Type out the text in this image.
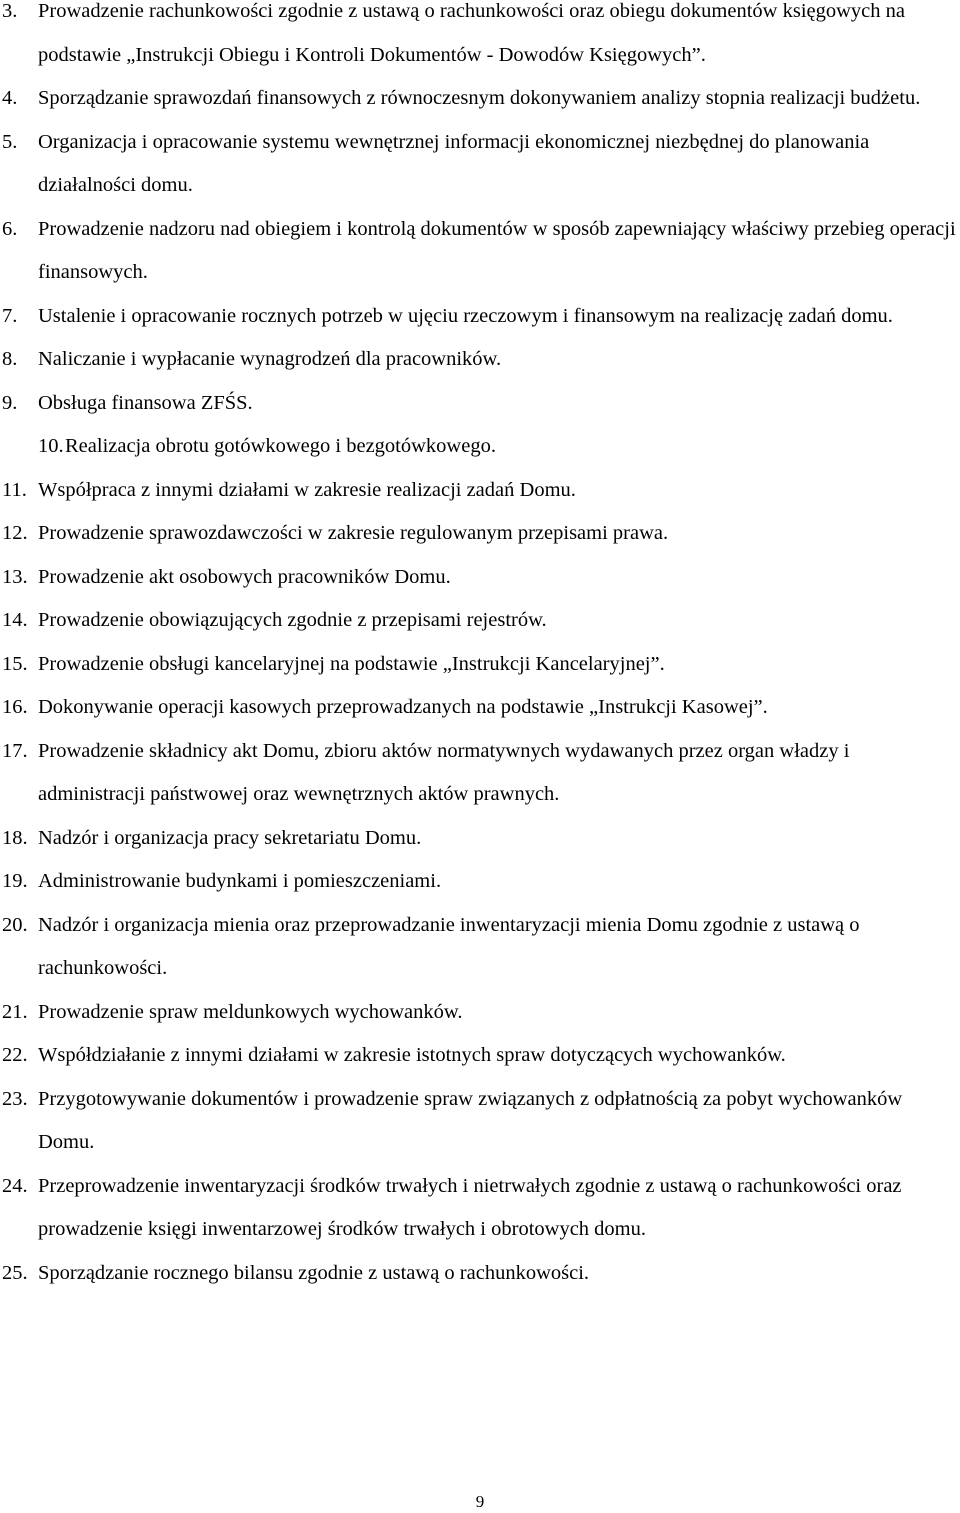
3. Prowadzenie rachunkowości zgodnie z ustawą o rachunkowości oraz obiegu dokumentów księgowych na podstawie „Instrukcji Obiegu i Kontroli Dokumentów - Dowodów Księgowych”.
4. Sporządzanie sprawozdań finansowych z równoczesnym dokonywaniem analizy stopnia realizacji budżetu.
5. Organizacja i opracowanie systemu wewnętrznej informacji ekonomicznej niezbędnej do planowania działalności domu.
6. Prowadzenie nadzoru nad obiegiem i kontrolą dokumentów w sposób zapewniający właściwy przebieg operacji finansowych.
7. Ustalenie i opracowanie rocznych potrzeb w ujęciu rzeczowym i finansowym na realizację zadań domu.
8. Naliczanie i wypłacanie wynagrodzeń dla pracowników.
9. Obsługa finansowa ZFŚS.
10. Realizacja obrotu gotówkowego i bezgotówkowego.
11. Współpraca z innymi działami w zakresie realizacji zadań Domu.
12. Prowadzenie sprawozdawczości w zakresie regulowanym przepisami prawa.
13. Prowadzenie akt osobowych pracowników Domu.
14. Prowadzenie obowiązujących zgodnie z przepisami rejestrów.
15. Prowadzenie obsługi kancelaryjnej na podstawie „Instrukcji Kancelaryjnej”.
16. Dokonywanie operacji kasowych przeprowadzanych na podstawie „Instrukcji Kasowej”.
17. Prowadzenie składnicy akt Domu, zbioru aktów normatywnych wydawanych przez organ władzy i administracji państwowej oraz wewnętrznych aktów prawnych.
18. Nadzór i organizacja pracy sekretariatu Domu.
19. Administrowanie budynkami i pomieszczeniami.
20. Nadzór i organizacja mienia oraz przeprowadzanie inwentaryzacji mienia Domu zgodnie z ustawą o rachunkowości.
21. Prowadzenie spraw meldunkowych wychowanków.
22. Współdziałanie z innymi działami w zakresie istotnych spraw dotyczących wychowanków.
23. Przygotowywanie dokumentów i prowadzenie spraw związanych z odpłatnością za pobyt wychowanków Domu.
24. Przeprowadzenie inwentaryzacji środków trwałych i nietrwałych zgodnie z ustawą o rachunkowości oraz prowadzenie księgi inwentarzowej środków trwałych i obrotowych domu.
25. Sporządzanie rocznego bilansu zgodnie z ustawą o rachunkowości.
9
